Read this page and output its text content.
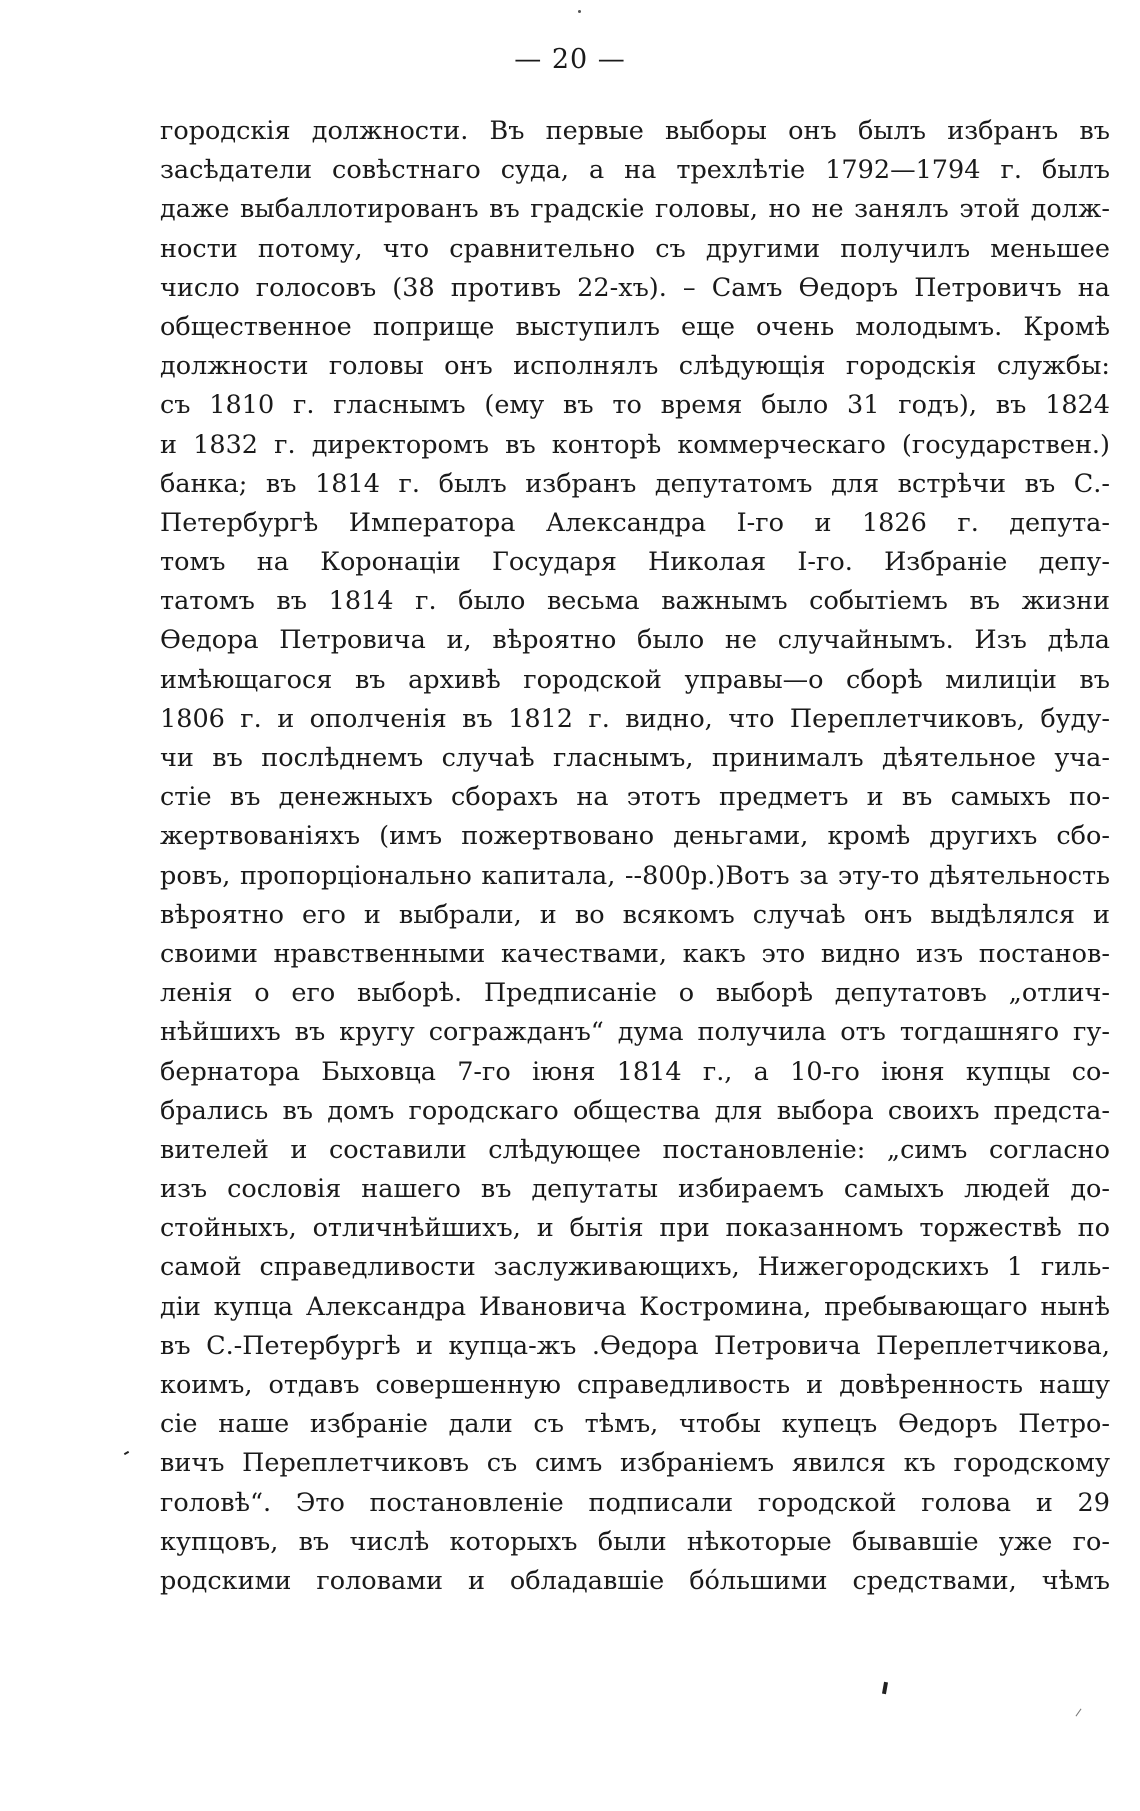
— 20 —
городскія должности. Въ первые выборы онъ былъ избранъ въ
засѣдатели совѣстнаго суда, а на трехлѣтіе 1792—1794 г. былъ
даже выбаллотированъ въ градскіе головы, но не занялъ этой долж-
ности потому, что сравнительно съ другими получилъ меньшее
число голосовъ (38 противъ 22-хъ). – Самъ Ѳедоръ Петровичъ на
общественное поприще выступилъ еще очень молодымъ. Кромѣ
должности головы онъ исполнялъ слѣдующія городскія службы:
съ 1810 г. гласнымъ (ему въ то время было 31 годъ), въ 1824
и 1832 г. директоромъ въ конторѣ коммерческаго (государствен.)
банка; въ 1814 г. былъ избранъ депутатомъ для встрѣчи въ С.-
Петербургѣ Императора Александра I-го и 1826 г. депута-
томъ на Коронаціи Государя Николая I-го. Избраніе депу-
татомъ въ 1814 г. было весьма важнымъ событіемъ въ жизни
Ѳедора Петровича и, вѣроятно было не случайнымъ. Изъ дѣла
имѣющагося въ архивѣ городской управы—о сборѣ милиціи въ
1806 г. и ополченія въ 1812 г. видно, что Переплетчиковъ, буду-
чи въ послѣднемъ случаѣ гласнымъ, принималъ дѣятельное уча-
стіе въ денежныхъ сборахъ на этотъ предметъ и въ самыхъ по-
жертвованіяхъ (имъ пожертвовано деньгами, кромѣ другихъ сбо-
ровъ, пропорціонально капитала, --800р.)Вотъ за эту-то дѣятельность
вѣроятно его и выбрали, и во всякомъ случаѣ онъ выдѣлялся и
своими нравственными качествами, какъ это видно изъ постанов-
ленія о его выборѣ. Предписаніе о выборѣ депутатовъ „отлич-
нѣйшихъ въ кругу согражданъ“ дума получила отъ тогдашняго гу-
бернатора Быховца 7-го іюня 1814 г., а 10-го іюня купцы со-
брались въ домъ городскаго общества для выбора своихъ предста-
вителей и составили слѣдующее постановленіе: „симъ согласно
изъ сословія нашего въ депутаты избираемъ самыхъ людей до-
стойныхъ, отличнѣйшихъ, и бытія при показанномъ торжествѣ по
самой справедливости заслуживающихъ, Нижегородскихъ 1 гиль-
діи купца Александра Ивановича Костромина, пребывающаго нынѣ
въ С.-Петербургѣ и купца-жъ .Ѳедора Петровича Переплетчикова,
коимъ, отдавъ совершенную справедливость и довѣренность нашу
сіе наше избраніе дали съ тѣмъ, чтобы купецъ Ѳедоръ Петро-
вичъ Переплетчиковъ съ симъ избраніемъ явился къ городскому
головѣ“. Это постановленіе подписали городской голова и 29
купцовъ, въ числѣ которыхъ были нѣкоторые бывавшіе уже го-
родскими головами и обладавшіе бо́льшими средствами, чѣмъ
